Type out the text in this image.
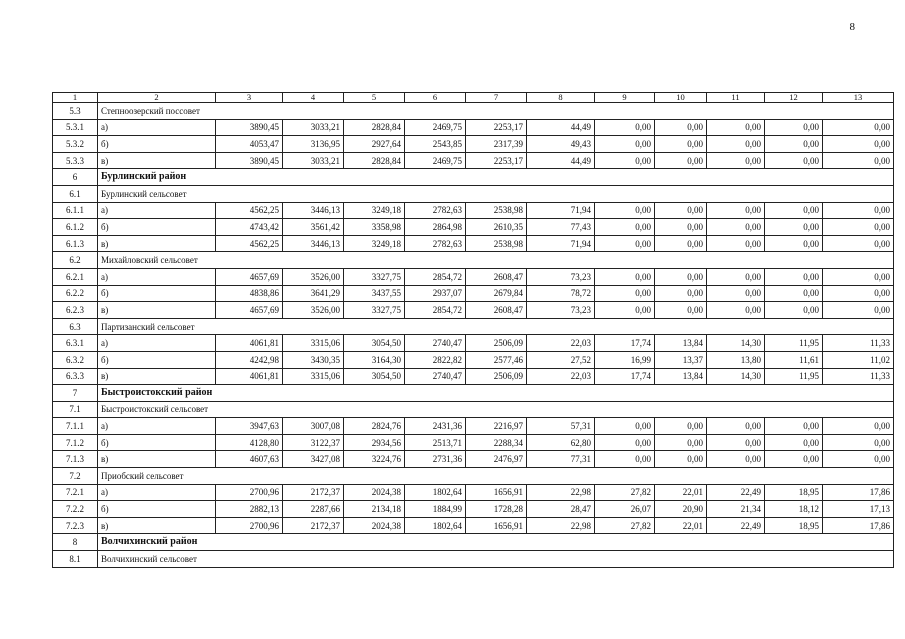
8
1	2	3	4	5	6	7	8	9	10	11	12	13
5.3	Степноозерский поссовет											
5.3.1	а)	3890,45	3033,21	2828,84	2469,75	2253,17	44,49	0,00	0,00	0,00	0,00	0,00
5.3.2	б)	4053,47	3136,95	2927,64	2543,85	2317,39	49,43	0,00	0,00	0,00	0,00	0,00
5.3.3	в)	3890,45	3033,21	2828,84	2469,75	2253,17	44,49	0,00	0,00	0,00	0,00	0,00
6	Бурлинский район											
6.1	Бурлинский сельсовет											
6.1.1	а)	4562,25	3446,13	3249,18	2782,63	2538,98	71,94	0,00	0,00	0,00	0,00	0,00
6.1.2	б)	4743,42	3561,42	3358,98	2864,98	2610,35	77,43	0,00	0,00	0,00	0,00	0,00
6.1.3	в)	4562,25	3446,13	3249,18	2782,63	2538,98	71,94	0,00	0,00	0,00	0,00	0,00
6.2	Михайловский сельсовет											
6.2.1	а)	4657,69	3526,00	3327,75	2854,72	2608,47	73,23	0,00	0,00	0,00	0,00	0,00
6.2.2	б)	4838,86	3641,29	3437,55	2937,07	2679,84	78,72	0,00	0,00	0,00	0,00	0,00
6.2.3	в)	4657,69	3526,00	3327,75	2854,72	2608,47	73,23	0,00	0,00	0,00	0,00	0,00
6.3	Партизанский сельсовет											
6.3.1	а)	4061,81	3315,06	3054,50	2740,47	2506,09	22,03	17,74	13,84	14,30	11,95	11,33
6.3.2	б)	4242,98	3430,35	3164,30	2822,82	2577,46	27,52	16,99	13,37	13,80	11,61	11,02
6.3.3	в)	4061,81	3315,06	3054,50	2740,47	2506,09	22,03	17,74	13,84	14,30	11,95	11,33
7	Быстроистокский район											
7.1	Быстроистокский сельсовет											
7.1.1	а)	3947,63	3007,08	2824,76	2431,36	2216,97	57,31	0,00	0,00	0,00	0,00	0,00
7.1.2	б)	4128,80	3122,37	2934,56	2513,71	2288,34	62,80	0,00	0,00	0,00	0,00	0,00
7.1.3	в)	4607,63	3427,08	3224,76	2731,36	2476,97	77,31	0,00	0,00	0,00	0,00	0,00
7.2	Приобский сельсовет											
7.2.1	а)	2700,96	2172,37	2024,38	1802,64	1656,91	22,98	27,82	22,01	22,49	18,95	17,86
7.2.2	б)	2882,13	2287,66	2134,18	1884,99	1728,28	28,47	26,07	20,90	21,34	18,12	17,13
7.2.3	в)	2700,96	2172,37	2024,38	1802,64	1656,91	22,98	27,82	22,01	22,49	18,95	17,86
8	Волчихинский район											
8.1	Волчихинский сельсовет											
